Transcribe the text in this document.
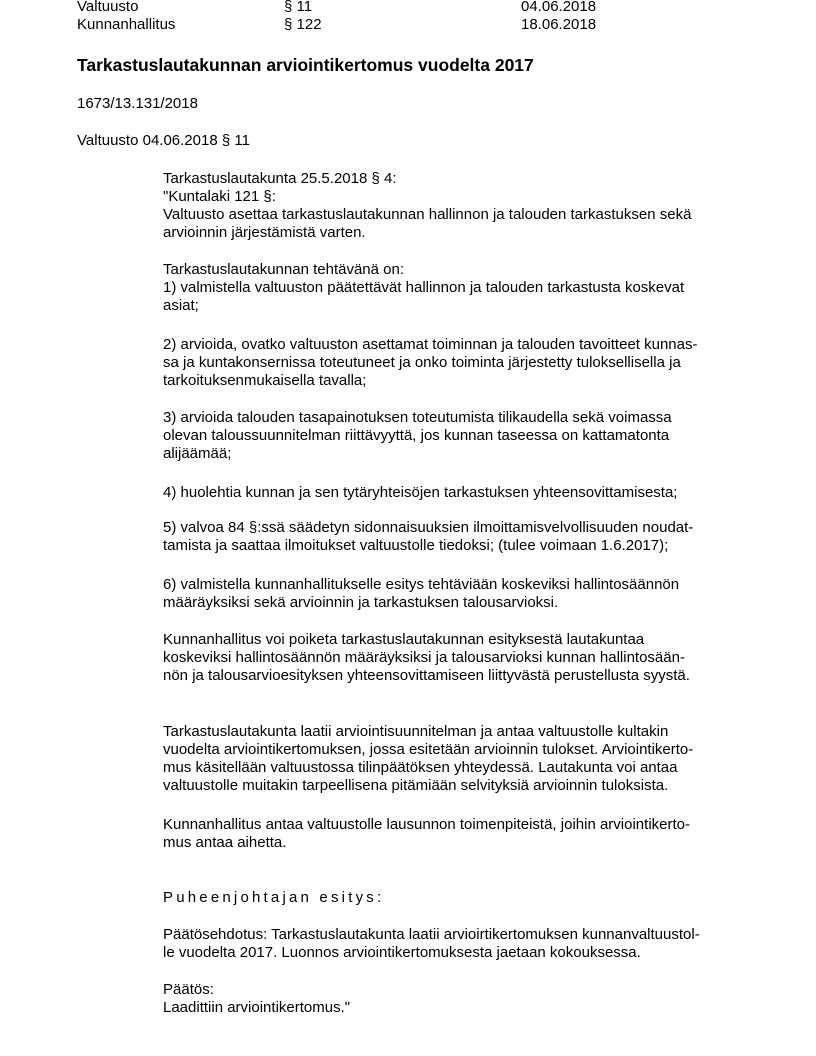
Valtuusto	§ 11	04.06.2018
Kunnanhallitus	§ 122	18.06.2018
Tarkastuslautakunnan arviointikertomus vuodelta 2017
1673/13.131/2018
Valtuusto 04.06.2018 § 11
Tarkastuslautakunta 25.5.2018 § 4:
"Kuntalaki 121 §:
Valtuusto asettaa tarkastuslautakunnan hallinnon ja talouden tarkastuksen sekä
arvioinnin järjestämistä varten.
Tarkastuslautakunnan tehtävänä on:
1) valmistella valtuuston päätettävät hallinnon ja talouden tarkastusta koskevat
asiat;
2) arvioida, ovatko valtuuston asettamat toiminnan ja talouden tavoitteet kunnas-
sa ja kuntakonsernissa toteutuneet ja onko toiminta järjestetty tuloksellisella ja
tarkoituksenmukaisella tavalla;
3) arvioida talouden tasapainotuksen toteutumista tilikaudella sekä voimassa
olevan taloussuunnitelman riittävyyttä, jos kunnan taseessa on kattamatonta
alijäämää;
4) huolehtia kunnan ja sen tytäryhteisöjen tarkastuksen yhteensovittamisesta;
5) valvoa 84 §:ssä säädetyn sidonnaisuuksien ilmoittamisvelvollisuuden noudat-
tamista ja saattaa ilmoitukset valtuustolle tiedoksi; (tulee voimaan 1.6.2017);
6) valmistella kunnanhallitukselle esitys tehtäviään koskeviksi hallintosäännön
määräyksiksi sekä arvioinnin ja tarkastuksen talousarvioksi.
Kunnanhallitus voi poiketa tarkastuslautakunnan esityksestä lautakuntaa
koskeviksi hallintosäännön määräyksiksi ja talousarvioksi kunnan hallintosään-
nön ja talousarvioesityksen yhteensovittamiseen liittyvästä perustellusta syystä.
Tarkastuslautakunta laatii arviointisuunnitelman ja antaa valtuustolle kultakin
vuodelta arviointikertomuksen, jossa esitetään arvioinnin tulokset. Arviointikerto-
mus käsitellään valtuustossa tilinpäätöksen yhteydessä. Lautakunta voi antaa
valtuustolle muitakin tarpeellisena pitämiään selvityksiä arvioinnin tuloksista.
Kunnanhallitus antaa valtuustolle lausunnon toimenpiteistä, joihin arviointikerto-
mus antaa aihetta.
Puheenjohtajan esitys:
Päätösehdotus: Tarkastuslautakunta laatii arvioirtikertomuksen kunnanvaltuustol-
le vuodelta 2017. Luonnos arviointikertomuksesta jaetaan kokouksessa.
Päätös:
Laadittiin arviointikertomus."
